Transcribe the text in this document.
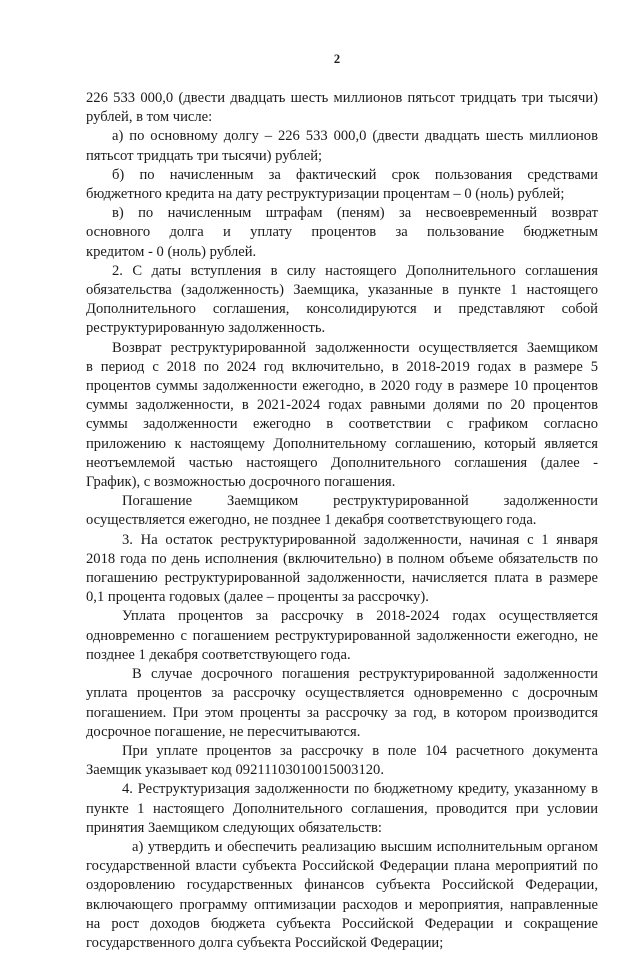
2
226 533 000,0 (двести двадцать шесть миллионов пятьсот тридцать три тысячи)
рублей, в том числе:
а) по основному долгу – 226 533 000,0 (двести двадцать шесть миллионов
пятьсот тридцать три тысячи) рублей;
б) по начисленным за фактический срок пользования средствами
бюджетного кредита на дату реструктуризации процентам – 0 (ноль) рублей;
в) по начисленным штрафам (пеням) за несвоевременный возврат
основного долга и уплату процентов за пользование бюджетным
кредитом - 0 (ноль) рублей.
2. С даты вступления в силу настоящего Дополнительного соглашения
обязательства (задолженность) Заемщика, указанные в пункте 1 настоящего
Дополнительного соглашения, консолидируются и представляют собой
реструктурированную задолженность.
Возврат реструктурированной задолженности осуществляется Заемщиком
в период с 2018 по 2024 год включительно, в 2018-2019 годах в размере 5
процентов суммы задолженности ежегодно, в 2020 году в размере 10 процентов
суммы задолженности, в 2021-2024 годах равными долями по 20 процентов
суммы задолженности ежегодно в соответствии с графиком согласно
приложению к настоящему Дополнительному соглашению, который является
неотъемлемой частью настоящего Дополнительного соглашения (далее -
График), с возможностью досрочного погашения.
Погашение Заемщиком реструктурированной задолженности
осуществляется ежегодно, не позднее 1 декабря соответствующего года.
3. На остаток реструктурированной задолженности, начиная с 1 января
2018 года по день исполнения (включительно) в полном объеме обязательств по
погашению реструктурированной задолженности, начисляется плата в размере
0,1 процента годовых (далее – проценты за рассрочку).
Уплата процентов за рассрочку в 2018-2024 годах осуществляется
одновременно с погашением реструктурированной задолженности ежегодно, не
позднее 1 декабря соответствующего года.
В случае досрочного погашения реструктурированной задолженности
уплата процентов за рассрочку осуществляется одновременно с досрочным
погашением. При этом проценты за рассрочку за год, в котором производится
досрочное погашение, не пересчитываются.
При уплате процентов за рассрочку в поле 104 расчетного документа
Заемщик указывает код 09211103010015003120.
4. Реструктуризация задолженности по бюджетному кредиту, указанному в
пункте 1 настоящего Дополнительного соглашения, проводится при условии
принятия Заемщиком следующих обязательств:
а) утвердить и обеспечить реализацию высшим исполнительным органом
государственной власти субъекта Российской Федерации плана мероприятий по
оздоровлению государственных финансов субъекта Российской Федерации,
включающего программу оптимизации расходов и мероприятия, направленные
на рост доходов бюджета субъекта Российской Федерации и сокращение
государственного долга субъекта Российской Федерации;
